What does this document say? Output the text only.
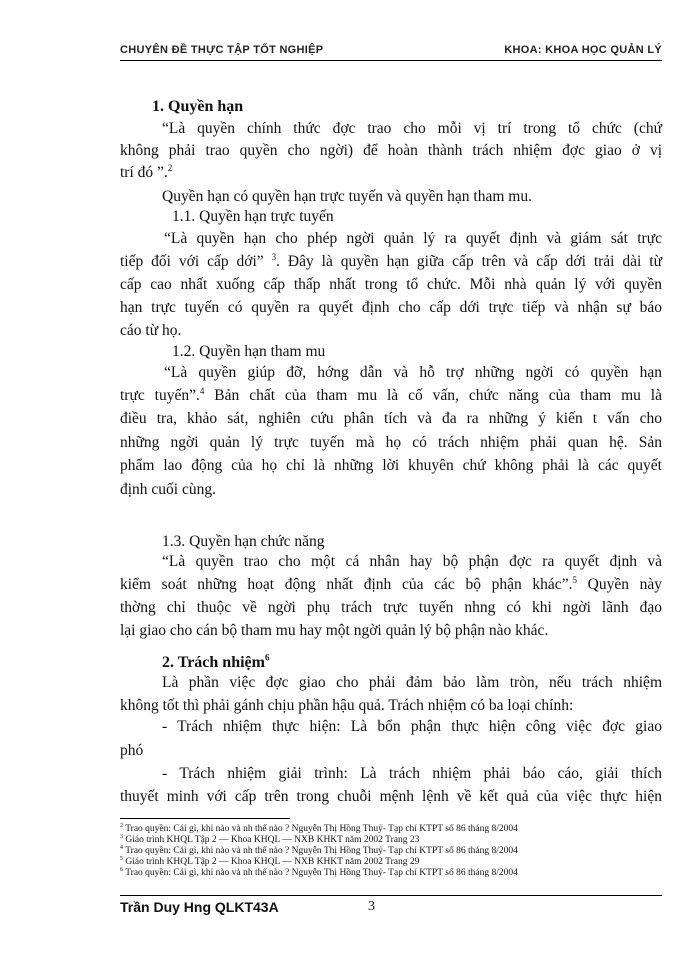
CHUYÊN ĐỀ THỰC TẬP TỐT NGHIỆP	KHOA: KHOA HỌC QUẢN LÝ

1. Quyền hạn

“Là quyền chính thức đợc trao cho mỗi vị trí trong tổ chức (chứ

không phải trao quyền cho ngời) để hoàn thành trách nhiệm đợc giao ở vị

trí đó ”.$^2$

Quyền hạn có quyền hạn trực tuyến và quyền hạn tham mu.

1.1. Quyền hạn trực tuyến

“Là quyền hạn cho phép ngời quản lý ra quyết định và giám sát trực

tiếp đối với cấp dới” $^3$. Đây là quyền hạn giữa cấp trên và cấp dới trải dài từ

cấp cao nhất xuống cấp thấp nhất trong tổ chức. Mỗi nhà quản lý với quyền

hạn trực tuyến có quyền ra quyết định cho cấp dới trực tiếp và nhận sự báo

cáo từ họ.

1.2. Quyền hạn tham mu

“Là quyền giúp đỡ, hớng dẫn và hỗ trợ những ngời có quyền hạn

trực tuyến”.$^4$ Bản chất của tham mu là cố vấn, chức năng của tham mu là

điều tra, khảo sát, nghiên cứu phân tích và đa ra những ý kiến t vấn cho

những ngời quản lý trực tuyến mà họ có trách nhiệm phải quan hệ. Sản

phẩm lao động của họ chỉ là những lời khuyên chứ không phải là các quyết

định cuối cùng.

1.3. Quyền hạn chức năng

“Là quyền trao cho một cá nhân hay bộ phận đợc ra quyết định và

kiểm soát những hoạt động nhất định của các bộ phận khác”.$^5$ Quyền này

thờng chỉ thuộc về ngời phụ trách trực tuyến nhng có khi ngời lãnh đạo

lại giao cho cán bộ tham mu hay một ngời quản lý bộ phận nào khác.

2. Trách nhiệm$^6$

Là phần việc đợc giao cho phải đảm bảo làm tròn, nếu trách nhiệm

không tốt thì phải gánh chịu phần hậu quả. Trách nhiệm có ba loại chính:

- Trách nhiệm thực hiện: Là bổn phận thực hiện công việc đợc giao

phó

- Trách nhiệm giải trình: Là trách nhiệm phải báo cáo, giải thích

thuyết minh với cấp trên trong chuỗi mệnh lệnh về kết quả của việc thực hiện

$^2$ Trao quyền: Cái gì, khi nào và nh thế nào ? Nguyễn Thị Hồng Thuỷ- Tạp chí KTPT số 86 tháng 8/2004
$^3$ Giáo trình KHQL Tập 2 — Khoa KHQL — NXB KHKT năm 2002 Trang 23
$^4$ Trao quyền: Cái gì, khi nào và nh thế nào ? Nguyễn Thị Hồng Thuỷ- Tạp chí KTPT số 86 tháng 8/2004
$^5$ Giáo trình KHQL Tập 2 — Khoa KHQL — NXB KHKT năm 2002 Trang 29
$^6$ Trao quyền: Cái gì, khi nào và nh thế nào ? Nguyễn Thị Hồng Thuỷ- Tạp chí KTPT số 86 tháng 8/2004
Trần Duy Hng QLKT43A	3
